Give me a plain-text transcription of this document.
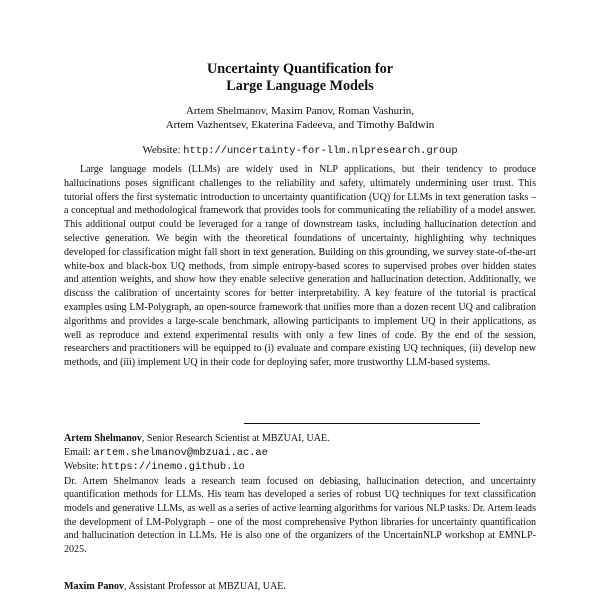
Uncertainty Quantification for
Large Language Models
Artem Shelmanov, Maxim Panov, Roman Vashurin,
Artem Vazhentsev, Ekaterina Fadeeva, and Timothy Baldwin
Website: http://uncertainty-for-llm.nlpresearch.group

Large language models (LLMs) are widely used in NLP applications, but their tendency to produce hallucinations poses significant challenges to the reliability and safety, ultimately undermining user trust. This tutorial offers the first systematic introduction to uncertainty quantification (UQ) for LLMs in text generation tasks – a conceptual and methodological framework that provides tools for communicating the reliability of a model answer. This additional output could be leveraged for a range of downstream tasks, including hallucination detection and selective generation. We begin with the theoretical foundations of uncertainty, highlighting why techniques developed for classification might fall short in text generation. Building on this grounding, we survey state-of-the-art white-box and black-box UQ methods, from simple entropy-based scores to supervised probes over hidden states and attention weights, and show how they enable selective generation and hallucination detection. Additionally, we discuss the calibration of uncertainty scores for better interpretability. A key feature of the tutorial is practical examples using LM-Polygraph, an open-source framework that unifies more than a dozen recent UQ and calibration algorithms and provides a large-scale benchmark, allowing participants to implement UQ in their applications, as well as reproduce and extend experimental results with only a few lines of code. By the end of the session, researchers and practitioners will be equipped to (i) evaluate and compare existing UQ techniques, (ii) develop new methods, and (iii) implement UQ in their code for deploying safer, more trustworthy LLM-based systems.

Artem Shelmanov, Senior Research Scientist at MBZUAI, UAE.
Email: artem.shelmanov@mbzuai.ac.ae
Website: https://inemo.github.io

Dr. Artem Shelmanov leads a research team focused on debiasing, hallucination detection, and uncertainty quantification methods for LLMs. His team has developed a series of robust UQ techniques for text classification models and generative LLMs, as well as a series of active learning algorithms for various NLP tasks. Dr. Artem leads the development of LM-Polygraph – one of the most comprehensive Python libraries for uncertainty quantification and hallucination detection in LLMs. He is also one of the organizers of the UncertainNLP workshop at EMNLP-2025.

Maxim Panov, Assistant Professor at MBZUAI, UAE.
